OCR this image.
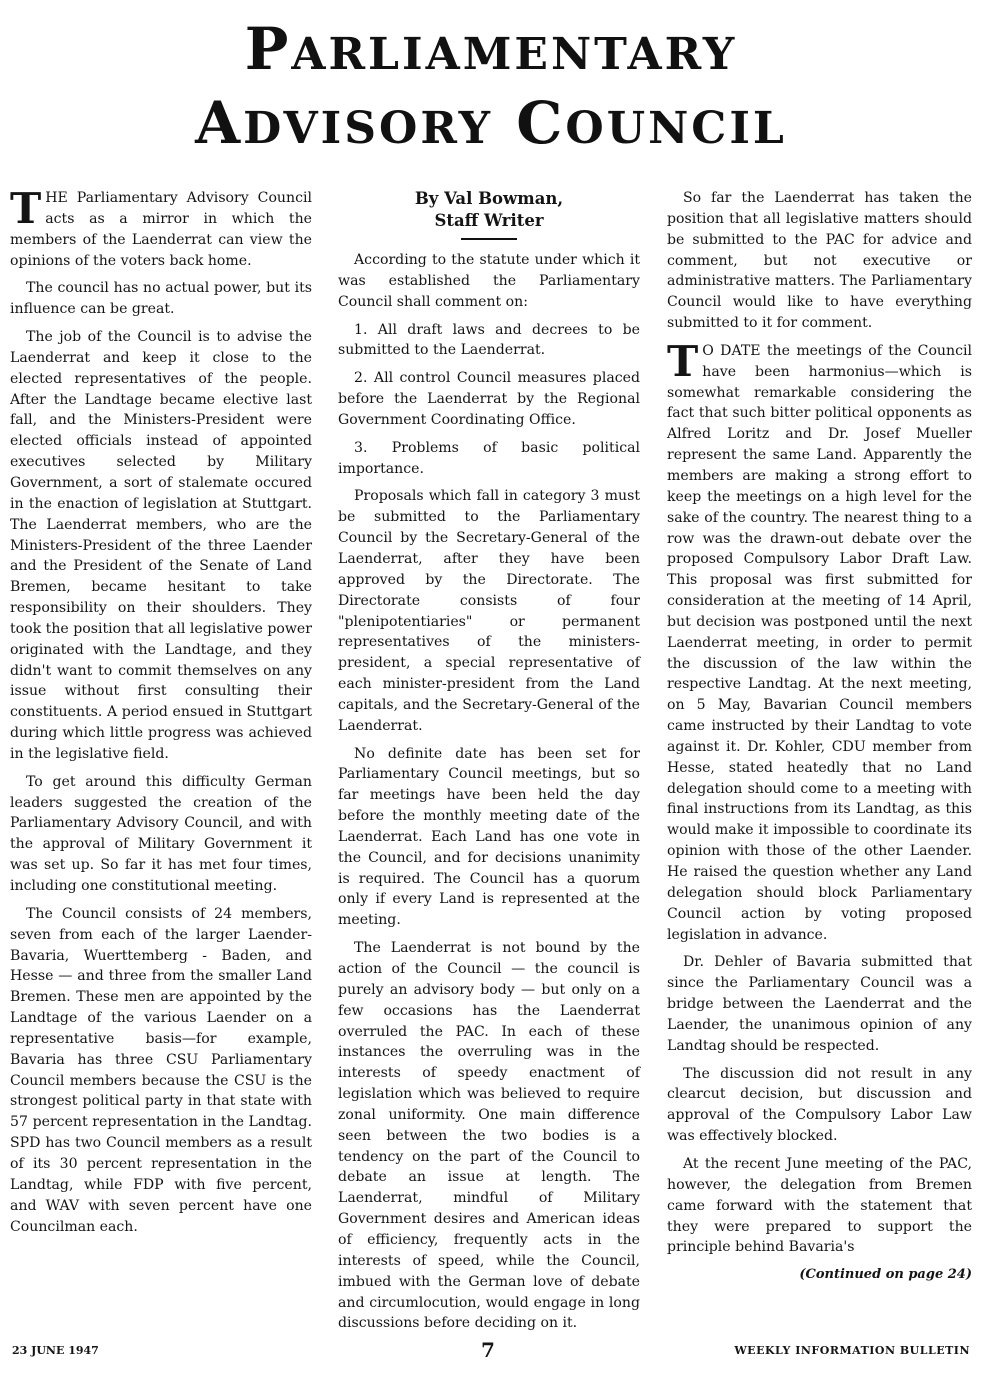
PARLIAMENTARY
ADVISORY COUNCIL

THE Parliamentary Advisory Council acts as a mirror in which the members of the Laenderrat can view the opinions of the voters back home.

The council has no actual power, but its influence can be great.

The job of the Council is to advise the Laenderrat and keep it close to the elected representatives of the people. After the Landtage became elective last fall, and the Ministers-President were elected officials instead of appointed executives selected by Military Government, a sort of stalemate occured in the enaction of legislation at Stuttgart. The Laenderrat members, who are the Ministers-President of the three Laender and the President of the Senate of Land Bremen, became hesitant to take responsibility on their shoulders. They took the position that all legislative power originated with the Landtage, and they didn't want to commit themselves on any issue without first consulting their constituents. A period ensued in Stuttgart during which little progress was achieved in the legislative field.

To get around this difficulty German leaders suggested the creation of the Parliamentary Advisory Council, and with the approval of Military Government it was set up. So far it has met four times, including one constitutional meeting.

The Council consists of 24 members, seven from each of the larger Laender-Bavaria, Wuerttemberg - Baden, and Hesse — and three from the smaller Land Bremen. These men are appointed by the Landtage of the various Laender on a representative basis—for example, Bavaria has three CSU Parliamentary Council members because the CSU is the strongest political party in that state with 57 percent representation in the Landtag. SPD has two Council members as a result of its 30 percent representation in the Landtag, while FDP with five percent, and WAV with seven percent have one Councilman each.

By Val Bowman,
Staff Writer

According to the statute under which it was established the Parliamentary Council shall comment on:

1. All draft laws and decrees to be submitted to the Laenderrat.

2. All control Council measures placed before the Laenderrat by the Regional Government Coordinating Office.

3. Problems of basic political importance.

Proposals which fall in category 3 must be submitted to the Parliamentary Council by the Secretary-General of the Laenderrat, after they have been approved by the Directorate. The Directorate consists of four "plenipotentiaries" or permanent representatives of the ministers-president, a special representative of each minister-president from the Land capitals, and the Secretary-General of the Laenderrat.

No definite date has been set for Parliamentary Council meetings, but so far meetings have been held the day before the monthly meeting date of the Laenderrat. Each Land has one vote in the Council, and for decisions unanimity is required. The Council has a quorum only if every Land is represented at the meeting.

The Laenderrat is not bound by the action of the Council — the council is purely an advisory body — but only on a few occasions has the Laenderrat overruled the PAC. In each of these instances the overruling was in the interests of speedy enactment of legislation which was believed to require zonal uniformity. One main difference seen between the two bodies is a tendency on the part of the Council to debate an issue at length. The Laenderrat, mindful of Military Government desires and American ideas of efficiency, frequently acts in the interests of speed, while the Council, imbued with the German love of debate and circumlocution, would engage in long discussions before deciding on it.

So far the Laenderrat has taken the position that all legislative matters should be submitted to the PAC for advice and comment, but not executive or administrative matters. The Parliamentary Council would like to have everything submitted to it for comment.

T O DATE the meetings of the Council have been harmonius—which is somewhat remarkable considering the fact that such bitter political opponents as Alfred Loritz and Dr. Josef Mueller represent the same Land. Apparently the members are making a strong effort to keep the meetings on a high level for the sake of the country. The nearest thing to a row was the drawn-out debate over the proposed Compulsory Labor Draft Law. This proposal was first submitted for consideration at the meeting of 14 April, but decision was postponed until the next Laenderrat meeting, in order to permit the discussion of the law within the respective Landtag. At the next meeting, on 5 May, Bavarian Council members came instructed by their Landtag to vote against it. Dr. Kohler, CDU member from Hesse, stated heatedly that no Land delegation should come to a meeting with final instructions from its Landtag, as this would make it impossible to coordinate its opinion with those of the other Laender. He raised the question whether any Land delegation should block Parliamentary Council action by voting proposed legislation in advance.

Dr. Dehler of Bavaria submitted that since the Parliamentary Council was a bridge between the Laenderrat and the Laender, the unanimous opinion of any Landtag should be respected.

The discussion did not result in any clearcut decision, but discussion and approval of the Compulsory Labor Law was effectively blocked.

At the recent June meeting of the PAC, however, the delegation from Bremen came forward with the statement that they were prepared to support the principle behind Bavaria's

(Continued on page 24)

23 JUNE 1947	7	WEEKLY INFORMATION BULLETIN
